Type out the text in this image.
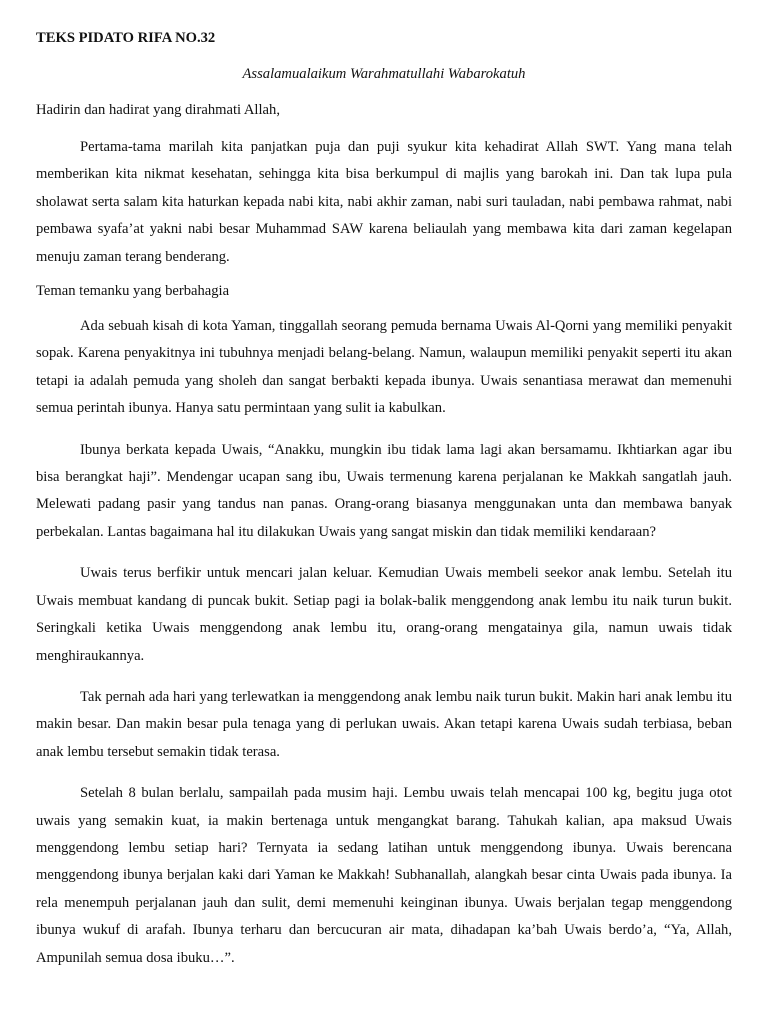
TEKS PIDATO RIFA NO.32

Assalamualaikum Warahmatullahi Wabarokatuh

Hadirin dan hadirat yang dirahmati Allah,

Pertama-tama marilah kita panjatkan puja dan puji syukur kita kehadirat Allah SWT. Yang mana telah memberikan kita nikmat kesehatan, sehingga kita bisa berkumpul di majlis yang barokah ini. Dan tak lupa pula sholawat serta salam kita haturkan kepada nabi kita, nabi akhir zaman, nabi suri tauladan, nabi pembawa rahmat, nabi pembawa syafa’at yakni nabi besar Muhammad SAW karena beliaulah yang membawa kita dari zaman kegelapan menuju zaman terang benderang.

Teman temanku yang berbahagia

Ada sebuah kisah di kota Yaman, tinggallah seorang pemuda bernama Uwais Al-Qorni yang memiliki penyakit sopak. Karena penyakitnya ini tubuhnya menjadi belang-belang. Namun, walaupun memiliki penyakit seperti itu akan tetapi ia adalah pemuda yang sholeh dan sangat berbakti kepada ibunya. Uwais senantiasa merawat dan memenuhi semua perintah ibunya. Hanya satu permintaan yang sulit ia kabulkan.

Ibunya berkata kepada Uwais, “Anakku, mungkin ibu tidak lama lagi akan bersamamu. Ikhtiarkan agar ibu bisa berangkat haji”. Mendengar ucapan sang ibu, Uwais termenung karena perjalanan ke Makkah sangatlah jauh. Melewati padang pasir yang tandus nan panas. Orang-orang biasanya menggunakan unta dan membawa banyak perbekalan. Lantas bagaimana hal itu dilakukan Uwais yang sangat miskin dan tidak memiliki kendaraan?

Uwais terus berfikir untuk mencari jalan keluar. Kemudian Uwais membeli seekor anak lembu. Setelah itu Uwais membuat kandang di puncak bukit. Setiap pagi ia bolak-balik menggendong anak lembu itu naik turun bukit. Seringkali ketika Uwais menggendong anak lembu itu, orang-orang mengatainya gila, namun uwais tidak menghiraukannya.

Tak pernah ada hari yang terlewatkan ia menggendong anak lembu naik turun bukit. Makin hari anak lembu itu makin besar. Dan makin besar pula tenaga yang di perlukan uwais. Akan tetapi karena Uwais sudah terbiasa, beban anak lembu tersebut semakin tidak terasa.

Setelah 8 bulan berlalu, sampailah pada musim haji. Lembu uwais telah mencapai 100 kg, begitu juga otot uwais yang semakin kuat, ia makin bertenaga untuk mengangkat barang. Tahukah kalian, apa maksud Uwais menggendong lembu setiap hari? Ternyata ia sedang latihan untuk menggendong ibunya. Uwais berencana menggendong ibunya berjalan kaki dari Yaman ke Makkah! Subhanallah, alangkah besar cinta Uwais pada ibunya. Ia rela menempuh perjalanan jauh dan sulit, demi memenuhi keinginan ibunya. Uwais berjalan tegap menggendong ibunya wukuf di arafah. Ibunya terharu dan bercucuran air mata, dihadapan ka’bah Uwais berdo’a, “Ya, Allah, Ampunilah semua dosa ibuku…”.
